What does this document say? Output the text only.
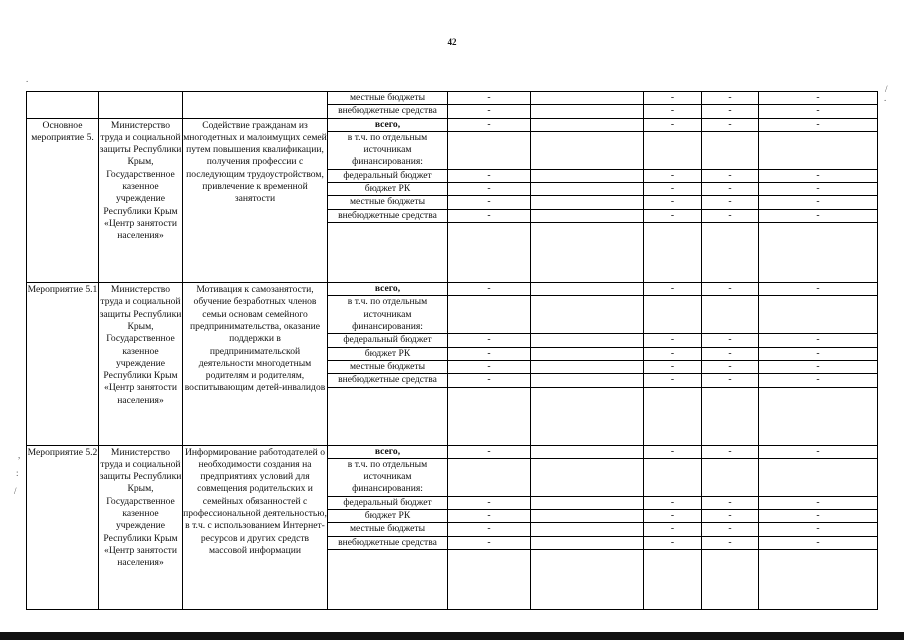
42
.
/
.
,
:
/
			местные бюджеты	-		-	-	-
			внебюджетные средства	-		-	-	-
Основное мероприятие 5.	Министерство труда и социальной защиты Республики Крым, Государственное казенное учреждение Республики Крым «Центр занятости населения»	Содействие гражданам из многодетных и малоимущих семей путем повышения квалификации, получения профессии с последующим трудоустройством, привлечение к временной занятости	всего,	-		-	-	-
			в т.ч. по отдельным источникам финансирования:					
			федеральный бюджет	-		-	-	-
			бюджет РК	-		-	-	-
			местные бюджеты	-		-	-	-
			внебюджетные средства	-		-	-	-

Мероприятие 5.1	Министерство труда и социальной защиты Республики Крым, Государственное казенное учреждение Республики Крым «Центр занятости населения»	Мотивация к самозанятости, обучение безработных членов семьи основам семейного предпринимательства, оказание поддержки в предпринимательской деятельности многодетным родителям и родителям, воспитывающим детей-инвалидов	всего,	-		-	-	-
			в т.ч. по отдельным источникам финансирования:					
			федеральный бюджет	-		-	-	-
			бюджет РК	-		-	-	-
			местные бюджеты	-		-	-	-
			внебюджетные средства	-		-	-	-

Мероприятие 5.2	Министерство труда и социальной защиты Республики Крым, Государственное казенное учреждение Республики Крым «Центр занятости населения»	Информирование работодателей о необходимости создания на предприятиях условий для совмещения родительских и семейных обязанностей с профессиональной деятельностью, в т.ч. с использованием Интернет-ресурсов и других средств массовой информации	всего,	-		-	-	-
			в т.ч. по отдельным источникам финансирования:					
			федеральный бюджет	-		-	-	-
			бюджет РК	-		-	-	-
			местные бюджеты	-		-	-	-
			внебюджетные средства	-		-	-	-
